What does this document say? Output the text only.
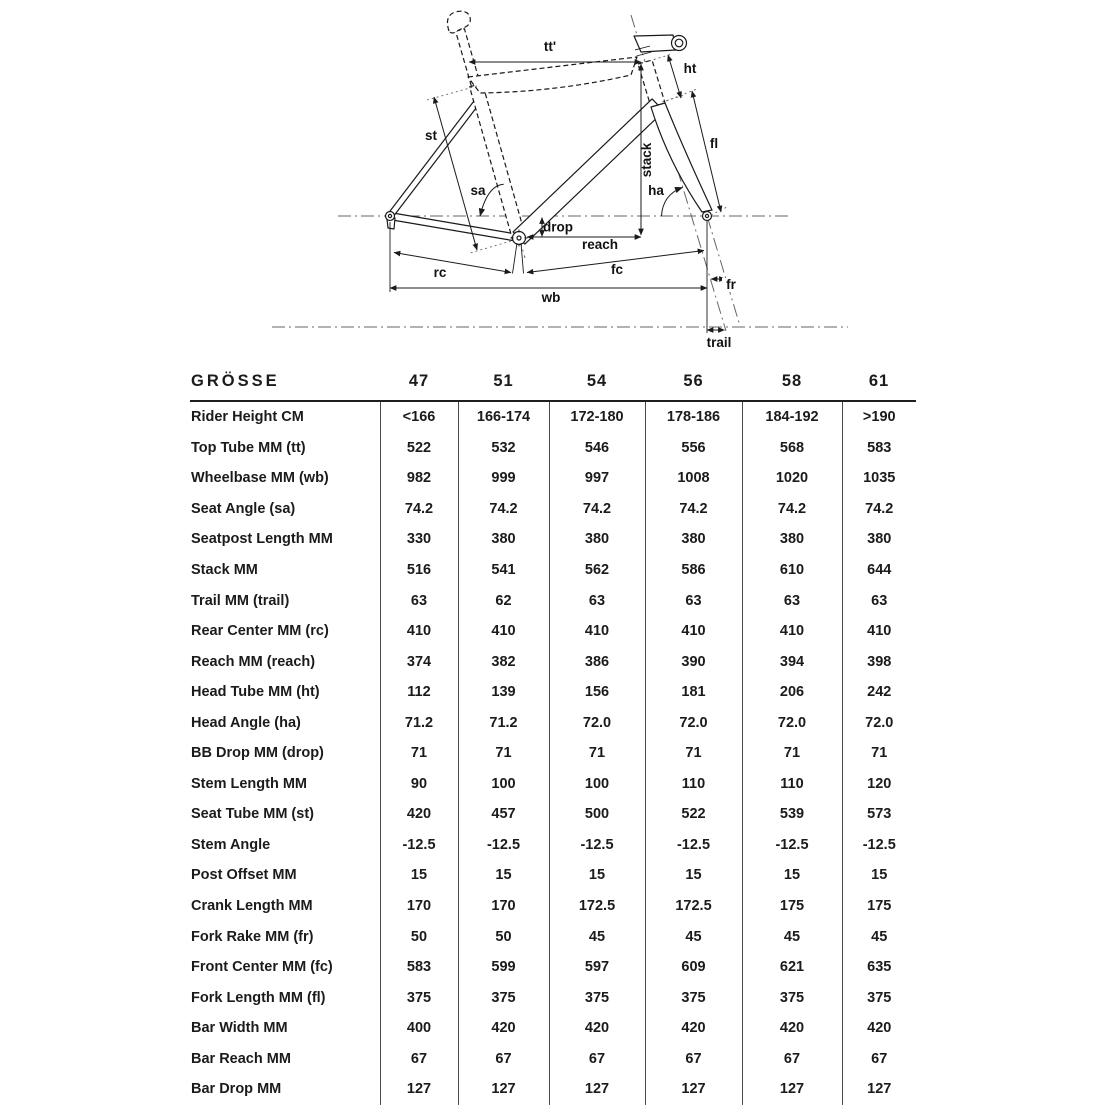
tt'
st
sa
stack
ha
ht
fl
drop
reach
rc	fc
wb
fr
trail
GRÖSSE	47	51	54	56	58	61
Rider Height CM	<166	166-174	172-180	178-186	184-192	>190
Top Tube MM (tt)	522	532	546	556	568	583
Wheelbase MM (wb)	982	999	997	1008	1020	1035
Seat Angle (sa)	74.2	74.2	74.2	74.2	74.2	74.2
Seatpost Length MM	330	380	380	380	380	380
Stack MM	516	541	562	586	610	644
Trail MM (trail)	63	62	63	63	63	63
Rear Center MM (rc)	410	410	410	410	410	410
Reach MM (reach)	374	382	386	390	394	398
Head Tube MM (ht)	112	139	156	181	206	242
Head Angle (ha)	71.2	71.2	72.0	72.0	72.0	72.0
BB Drop MM (drop)	71	71	71	71	71	71
Stem Length MM	90	100	100	110	110	120
Seat Tube MM (st)	420	457	500	522	539	573
Stem Angle	-12.5	-12.5	-12.5	-12.5	-12.5	-12.5
Post Offset MM	15	15	15	15	15	15
Crank Length MM	170	170	172.5	172.5	175	175
Fork Rake MM (fr)	50	50	45	45	45	45
Front Center MM (fc)	583	599	597	609	621	635
Fork Length MM (fl)	375	375	375	375	375	375
Bar Width MM	400	420	420	420	420	420
Bar Reach MM	67	67	67	67	67	67
Bar Drop MM	127	127	127	127	127	127
